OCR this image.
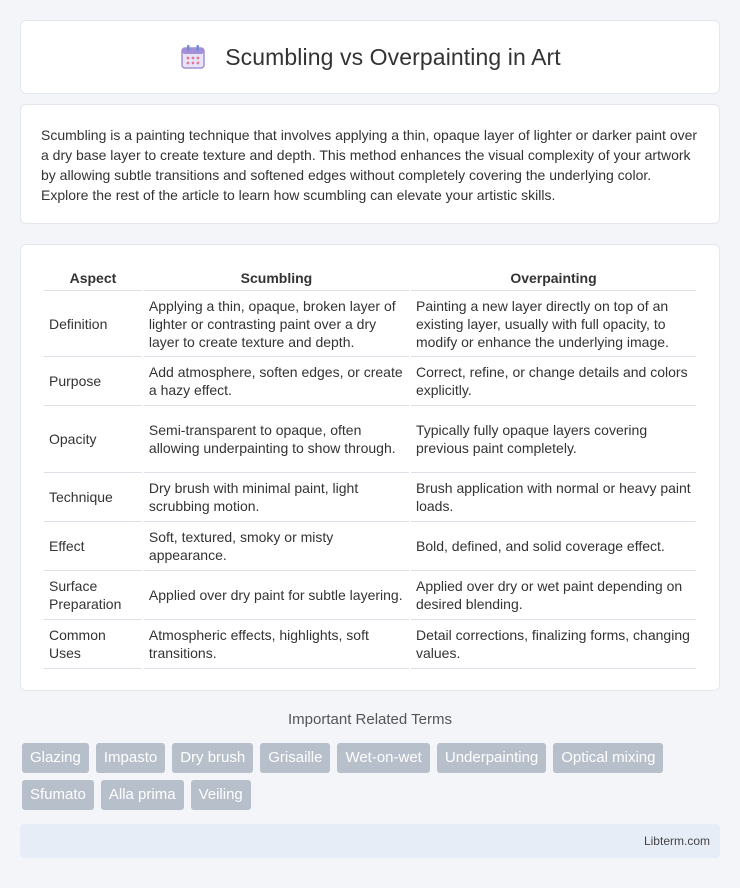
Scumbling vs Overpainting in Art

Scumbling is a painting technique that involves applying a thin, opaque layer of lighter or darker paint over a dry base layer to create texture and depth. This method enhances the visual complexity of your artwork by allowing subtle transitions and softened edges without completely covering the underlying color. Explore the rest of the article to learn how scumbling can elevate your artistic skills.

Aspect	Scumbling	Overpainting
Definition	Applying a thin, opaque, broken layer of lighter or contrasting paint over a dry layer to create texture and depth.	Painting a new layer directly on top of an existing layer, usually with full opacity, to modify or enhance the underlying image.
Purpose	Add atmosphere, soften edges, or create a hazy effect.	Correct, refine, or change details and colors explicitly.
Opacity	Semi-transparent to opaque, often allowing underpainting to show through.	Typically fully opaque layers covering previous paint completely.
Technique	Dry brush with minimal paint, light scrubbing motion.	Brush application with normal or heavy paint loads.
Effect	Soft, textured, smoky or misty appearance.	Bold, defined, and solid coverage effect.
Surface Preparation	Applied over dry paint for subtle layering.	Applied over dry or wet paint depending on desired blending.
Common Uses	Atmospheric effects, highlights, soft transitions.	Detail corrections, finalizing forms, changing values.
Important Related Terms
Glazing	Impasto	Dry brush	Grisaille	Wet-on-wet	Underpainting	Optical mixing
Sfumato	Alla prima	Veiling
Libterm.com
